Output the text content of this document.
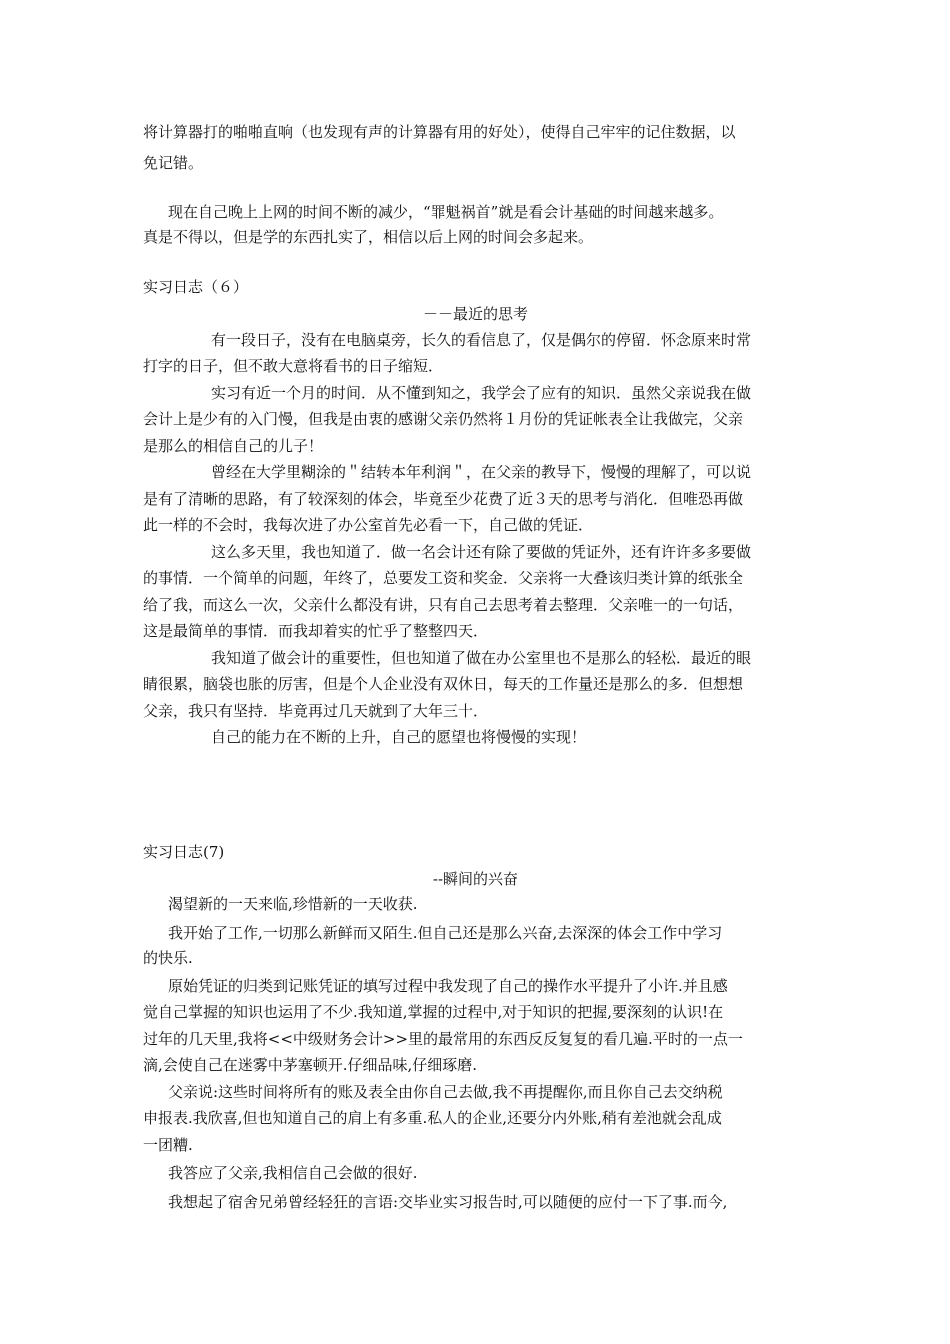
将计算器打的啪啪直响（也发现有声的计算器有用的好处），使得自己牢牢的记住数据，以
免记错。
现在自己晚上上网的时间不断的减少，“罪魁祸首”就是看会计基础的时间越来越多。
真是不得以，但是学的东西扎实了，相信以后上网的时间会多起来。
实习日志（６）
－－最近的思考
有一段日子，没有在电脑桌旁，长久的看信息了，仅是偶尔的停留．怀念原来时常
打字的日子，但不敢大意将看书的日子缩短．
实习有近一个月的时间．从不懂到知之，我学会了应有的知识．虽然父亲说我在做
会计上是少有的入门慢，但我是由衷的感谢父亲仍然将１月份的凭证帐表全让我做完，父亲
是那么的相信自己的儿子！
曾经在大学里糊涂的＂结转本年利润＂，在父亲的教导下，慢慢的理解了，可以说
是有了清晰的思路，有了较深刻的体会，毕竟至少花费了近３天的思考与消化．但唯恐再做
此一样的不会时，我每次进了办公室首先必看一下，自己做的凭证．
这么多天里，我也知道了．做一名会计还有除了要做的凭证外，还有许许多多要做
的事情．一个简单的问题，年终了，总要发工资和奖金．父亲将一大叠该归类计算的纸张全
给了我，而这么一次，父亲什么都没有讲，只有自己去思考着去整理．父亲唯一的一句话，
这是最简单的事情．而我却着实的忙乎了整整四天．
我知道了做会计的重要性，但也知道了做在办公室里也不是那么的轻松．最近的眼
睛很累，脑袋也胀的厉害，但是个人企业没有双休日，每天的工作量还是那么的多．但想想
父亲，我只有坚持．毕竟再过几天就到了大年三十．
自己的能力在不断的上升，自己的愿望也将慢慢的实现！
实习日志(7)
--瞬间的兴奋
渴望新的一天来临,珍惜新的一天收获.
我开始了工作,一切那么新鲜而又陌生.但自己还是那么兴奋,去深深的体会工作中学习
的快乐.
原始凭证的归类到记账凭证的填写过程中我发现了自己的操作水平提升了小许.并且感
觉自己掌握的知识也运用了不少.我知道,掌握的过程中,对于知识的把握,要深刻的认识!在
过年的几天里,我将<<中级财务会计>>里的最常用的东西反反复复的看几遍.平时的一点一
滴,会使自己在迷雾中茅塞顿开.仔细品味,仔细琢磨.
父亲说:这些时间将所有的账及表全由你自己去做,我不再提醒你,而且你自己去交纳税
申报表.我欣喜,但也知道自己的肩上有多重.私人的企业,还要分内外账,稍有差池就会乱成
一团糟.
我答应了父亲,我相信自己会做的很好.
我想起了宿舍兄弟曾经轻狂的言语:交毕业实习报告时,可以随便的应付一下了事.而今,
